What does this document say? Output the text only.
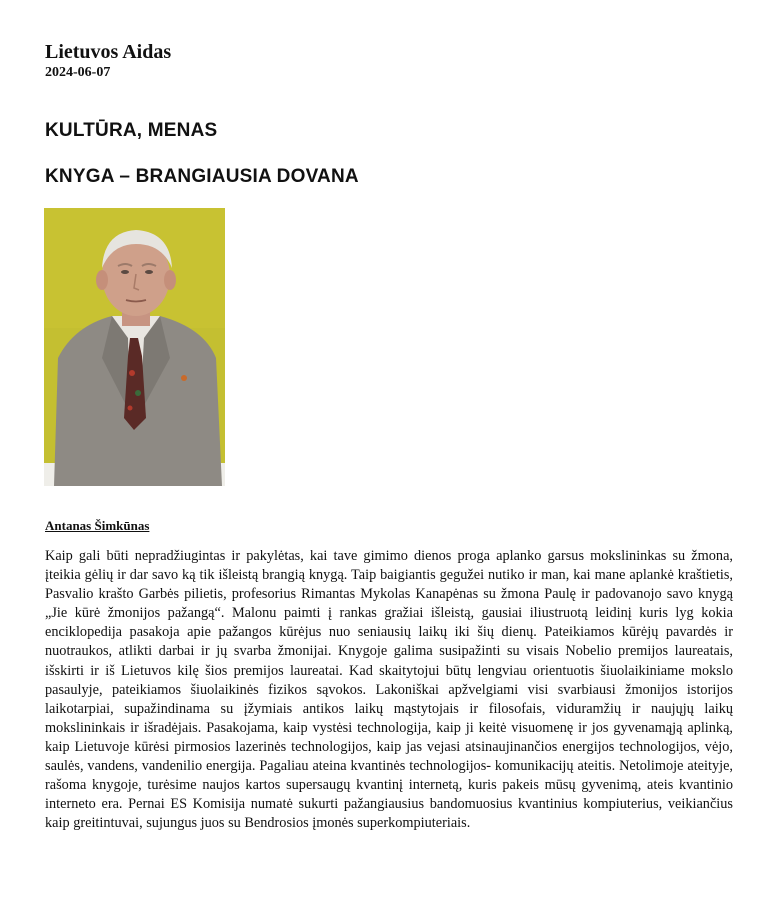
Lietuvos Aidas

2024-06-07

KULTŪRA, MENAS
KNYGA – BRANGIAUSIA DOVANA

Antanas Šimkūnas

Kaip gali būti nepradžiugintas ir pakylėtas, kai tave gimimo dienos proga aplanko garsus mokslininkas su žmona, įteikia gėlių ir dar savo ką tik išleistą brangią knygą. Taip baigiantis gegužei nutiko ir man, kai mane aplankė kraštietis, Pasvalio krašto Garbės pilietis, profesorius Rimantas Mykolas Kanapėnas su žmona Paulę ir padovanojo savo knygą „Jie kūrė žmonijos pažangą“. Malonu paimti į rankas gražiai išleistą, gausiai iliustruotą leidinį kuris lyg kokia enciklopedija pasakoja apie pažangos kūrėjus nuo seniausių laikų iki šių dienų. Pateikiamos kūrėjų pavardės ir nuotraukos, atlikti darbai ir jų svarba žmonijai. Knygoje galima susipažinti su visais Nobelio premijos laureatais, išskirti ir iš Lietuvos kilę šios premijos laureatai. Kad skaitytojui būtų lengviau orientuotis šiuolaikiniame mokslo pasaulyje, pateikiamos šiuolaikinės fizikos sąvokos. Lakoniškai apžvelgiami visi svarbiausi žmonijos istorijos laikotarpiai, supažindinama su įžymiais antikos laikų mąstytojais ir filosofais, viduramžių ir naujųjų laikų mokslininkais ir išradėjais. Pasakojama, kaip vystėsi technologija, kaip ji keitė visuomenę ir jos gyvenamąją aplinką, kaip Lietuvoje kūrėsi pirmosios lazerinės technologijos, kaip jas vejasi atsinaujinančios energijos technologijos, vėjo, saulės, vandens, vandenilio energija. Pagaliau ateina kvantinės technologijos- komunikacijų ateitis. Netolimoje ateityje, rašoma knygoje, turėsime naujos kartos supersaugų kvantinį internetą, kuris pakeis mūsų gyvenimą, ateis kvantinio interneto era. Pernai ES Komisija numatė sukurti pažangiausius bandomuosius kvantinius kompiuterius, veikiančius kaip greitintuvai, sujungus juos su Bendrosios įmonės superkompiuteriais.
